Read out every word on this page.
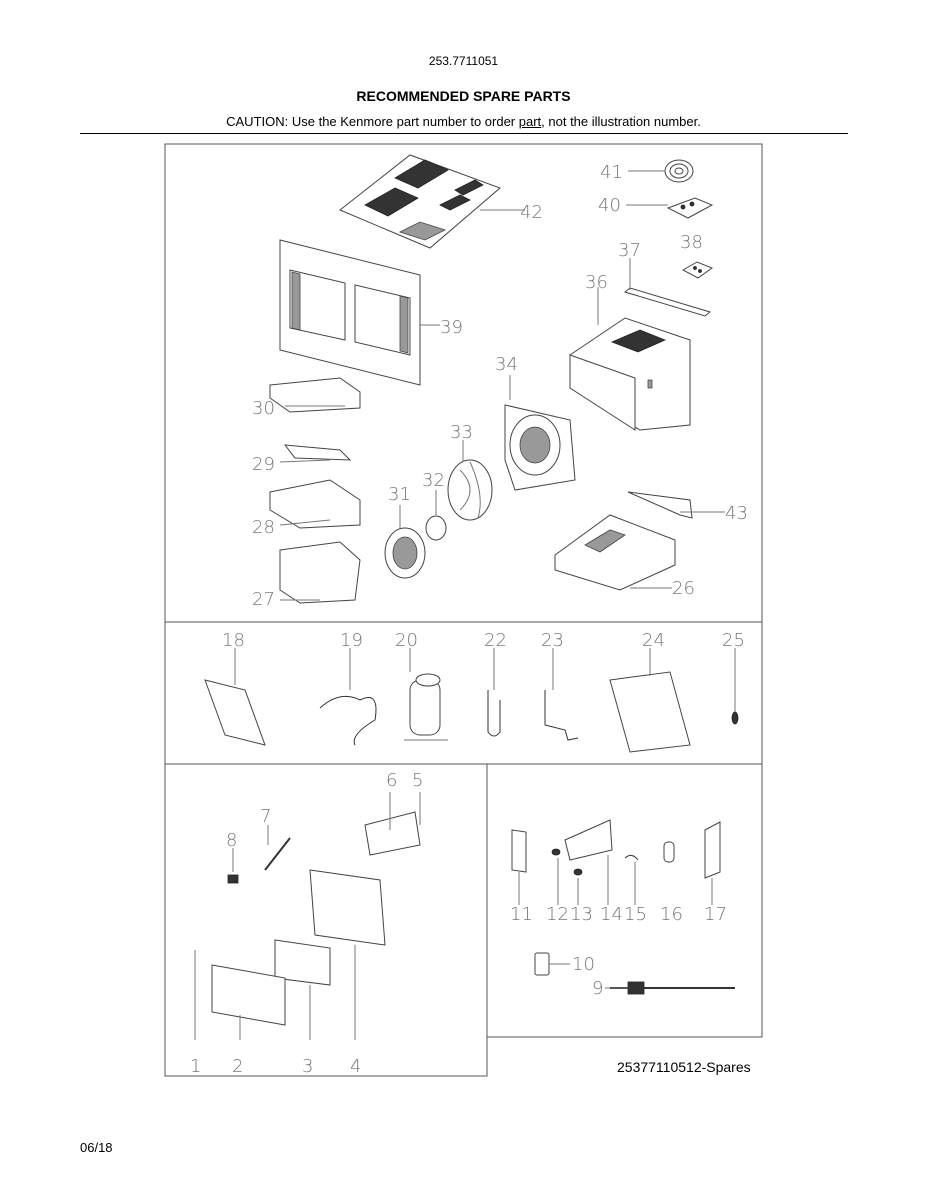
253.7711051
RECOMMENDED SPARE PARTS
CAUTION: Use the Kenmore part number to order part, not the illustration number.
1 2	3 4
5
6
7
8
9
10
11 12 13 14 15 16 17
18	19 20	22 23	24	25
26
27
28
29
30
31
32
33
34
36
37 38
39
40
41
42
43
25377110512-Spares
06/18
